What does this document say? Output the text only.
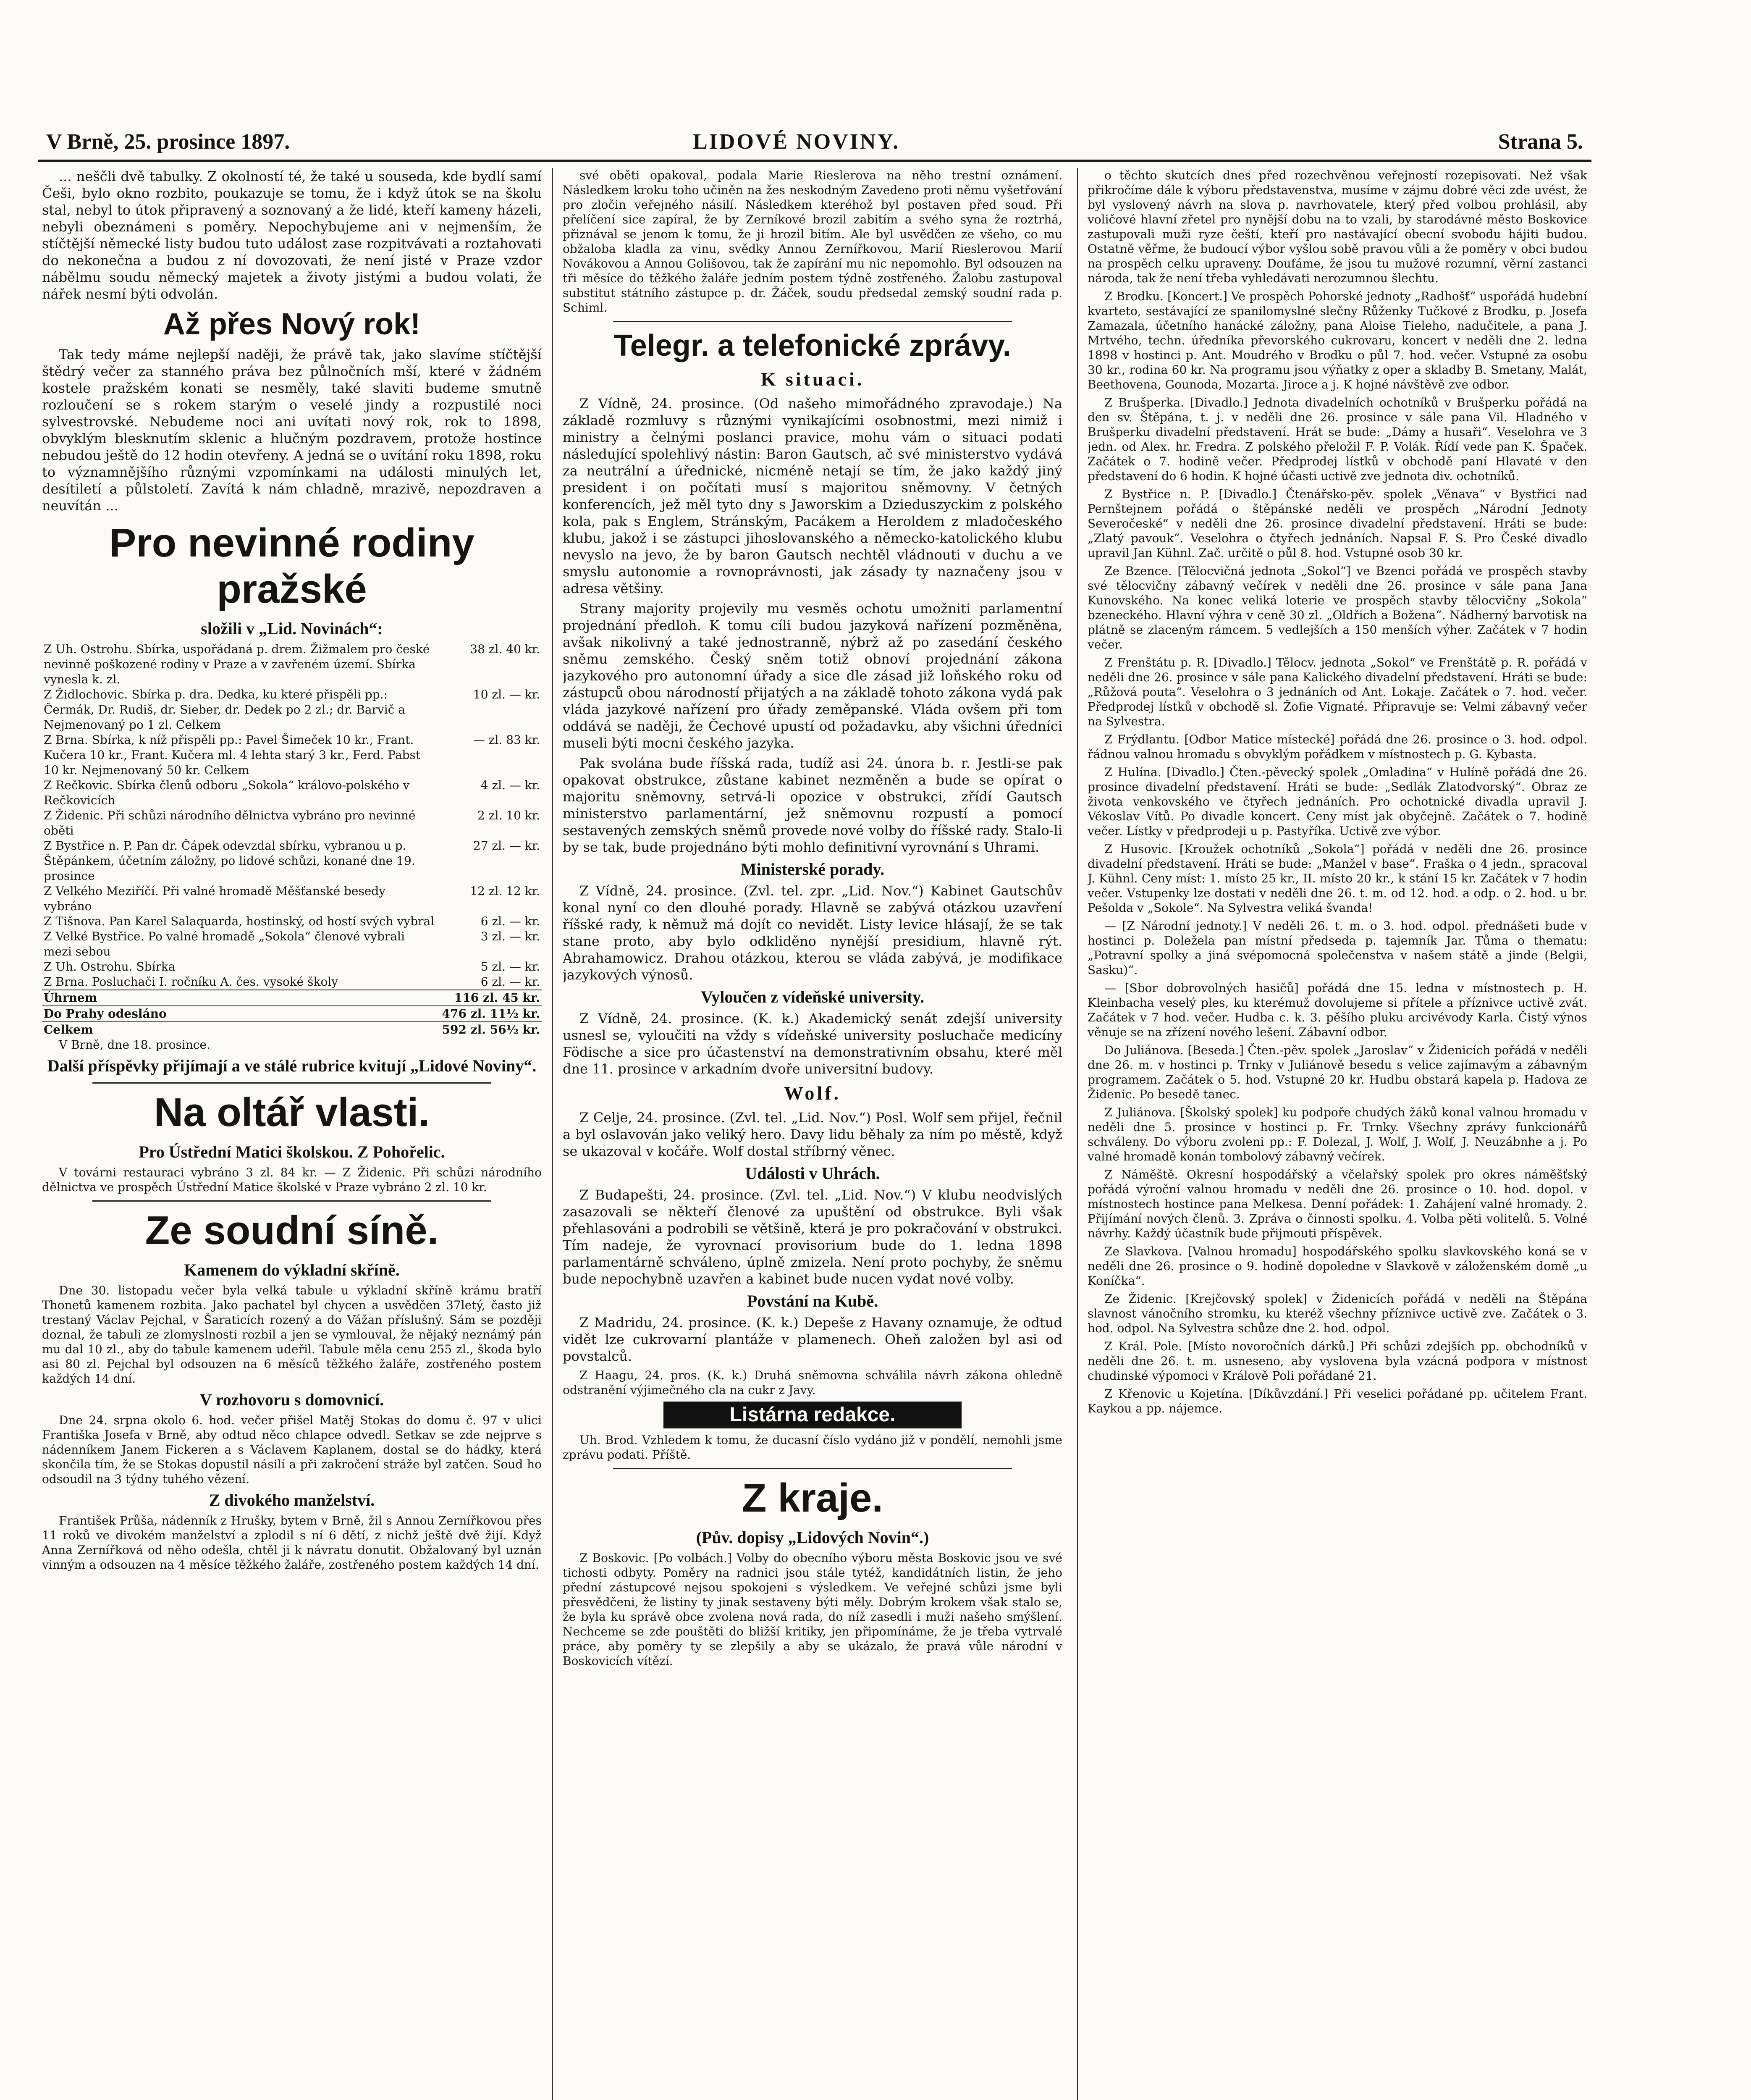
V Brně, 25. prosince 1897.	LIDOVÉ NOVINY.	Strana 5.

... neščli dvě tabulky. Z okolností té, že také u souseda, kde bydlí samí Češi, bylo okno rozbito, poukazuje se tomu, že i když útok se na školu stal, nebyl to útok připravený a soznovaný a že lidé, kteří kameny házeli, nebyli obeznámeni s poměry. Nepochybujeme ani v nejmenším, že stíčtější německé listy budou tuto událost zase rozpitvávati a roztahovati do nekonečna a budou z ní dovozovati, že není jisté v Praze vzdor nábělmu soudu německý majetek a životy jistými a budou volati, že nářek nesmí býti odvolán.

Až přes Nový rok!

Tak tedy máme nejlepší naději, že právě tak, jako slavíme stíčtější štědrý večer za stanného práva bez půlnočních mší, které v žádném kostele pražském konati se nesměly, také slaviti budeme smutně rozloučení se s rokem starým o veselé jindy a rozpustilé noci sylvestrovské. Nebudeme noci ani uvítati nový rok, rok to 1898, obvyklým blesknutím sklenic a hlučným pozdravem, protože hostince nebudou ještě do 12 hodin otevřeny. A jedná se o uvítání roku 1898, roku to významnějšího různými vzpomínkami na události minulých let, desítiletí a půlstoletí. Zavítá k nám chladně, mrazivě, nepozdraven a neuvítán ...

Pro nevinné rodiny pražské
složili v „Lid. Novinách“:
Z Uh. Ostrohu. Sbírka, uspořádaná p. drem. Žižmalem pro české nevinně poškozené rodiny v Praze a v zavřeném území. Sbírka vynesla k. zl.	38 zl. 40 kr.
Z Židlochovic. Sbírka p. dra. Dedka, ku které přispěli pp.: Čermák, Dr. Rudiš, dr. Sieber, dr. Dedek po 2 zl.; dr. Barvič a Nejmenovaný po 1 zl. Celkem	10 zl. — kr.
Z Brna. Sbírka, k níž přispěli pp.: Pavel Šimeček 10 kr., Frant. Kučera 10 kr., Frant. Kučera ml. 4 lehta starý 3 kr., Ferd. Pabst 10 kr. Nejmenovaný 50 kr. Celkem	— zl. 83 kr.
Z Rečkovic. Sbírka členů odboru „Sokola“ královo-polského v Rečkovicích	4 zl. — kr.
Z Židenic. Při schůzi národního dělnictva vybráno pro nevinné oběti	2 zl. 10 kr.
Z Bystřice n. P. Pan dr. Čápek odevzdal sbírku, vybranou u p. Štěpánkem, účetním záložny, po lidové schůzi, konané dne 19. prosince	27 zl. — kr.
Z Velkého Meziříčí. Při valné hromadě Měšťanské besedy vybráno	12 zl. 12 kr.
Z Tišnova. Pan Karel Salaquarda, hostinský, od hostí svých vybral	6 zl. — kr.
Z Velké Bystřice. Po valné hromadě „Sokola“ členové vybrali mezi sebou	3 zl. — kr.
Z Uh. Ostrohu. Sbírka	5 zl. — kr.
Z Brna. Posluchači I. ročníku A. čes. vysoké školy	6 zl. — kr.
Úhrnem	116 zl. 45 kr.
Do Prahy odesláno	476 zl. 11½ kr.
Celkem	592 zl. 56½ kr.

V Brně, dne 18. prosince.

Další příspěvky přijímají a ve stálé rubrice kvitují „Lidové Noviny“.
Na oltář vlasti.
Pro Ústřední Matici školskou. Z Pohořelic.

V továrni restauraci vybráno 3 zl. 84 kr. — Z Židenic. Při schůzi národního dělnictva ve prospěch Ústřední Matice školské v Praze vybráno 2 zl. 10 kr.

Ze soudní síně.
Kamenem do výkladní skříně.

Dne 30. listopadu večer byla velká tabule u výkladní skříně krámu bratří Thonetů kamenem rozbita. Jako pachatel byl chycen a usvědčen 37letý, často již trestaný Václav Pejchal, v Šaraticích rozený a do Vážan příslušný. Sám se později doznal, že tabuli ze zlomyslnosti rozbil a jen se vymlouval, že nějaký neznámý pán mu dal 10 zl., aby do tabule kamenem udeřil. Tabule měla cenu 255 zl., škoda bylo asi 80 zl. Pejchal byl odsouzen na 6 měsíců těžkého žaláře, zostřeného postem každých 14 dní.

V rozhovoru s domovnicí.

Dne 24. srpna okolo 6. hod. večer přišel Matěj Stokas do domu č. 97 v ulici Františka Josefa v Brně, aby odtud něco chlapce odvedl. Setkav se zde nejprve s nádenníkem Janem Fickeren a s Václavem Kaplanem, dostal se do hádky, která skončila tím, že se Stokas dopustil násilí a při zakročení stráže byl zatčen. Soud ho odsoudil na 3 týdny tuhého vězení.

Z divokého manželství.

František Průša, nádenník z Hrušky, bytem v Brně, žil s Annou Zernířkovou přes 11 roků ve divokém manželství a zplodil s ní 6 dětí, z nichž ještě dvě žijí. Když Anna Zernířková od něho odešla, chtěl ji k návratu donutit. Obžalovaný byl uznán vinným a odsouzen na 4 měsíce těžkého žaláře, zostřeného postem každých 14 dní.

své oběti opakoval, podala Marie Rieslerova na něho trestní oznámení. Následkem kroku toho učiněn na žes neskodným Zavedeno proti němu vyšetřování pro zločin veřejného násilí. Následkem kteréhož byl postaven před soud. Při přelíčení sice zapíral, že by Zerníkové brozil zabitím a svého syna že roztrhá, přiznával se jenom k tomu, že ji hrozil bitím. Ale byl usvědčen ze všeho, co mu obžaloba kladla za vinu, svědky Annou Zernířkovou, Marií Rieslerovou Marií Novákovou a Annou Golišovou, tak že zapírání mu nic nepomohlo. Byl odsouzen na tři měsíce do těžkého žaláře jedním postem týdně zostřeného. Žalobu zastupoval substitut státního zástupce p. dr. Žáček, soudu předsedal zemský soudní rada p. Schiml.

Telegr. a telefonické zprávy.
K situaci.

Z Vídně, 24. prosince. (Od našeho mimořádného zpravodaje.) Na základě rozmluvy s různými vynikajícími osobnostmi, mezi nimiž i ministry a čelnými poslanci pravice, mohu vám o situaci podati následující spolehlivý nástin: Baron Gautsch, ač své ministerstvo vydává za neutrální a úřednické, nicméně netají se tím, že jako každý jiný president i on počítati musí s majoritou sněmovny. V četných konferencích, jež měl tyto dny s Jaworskim a Dzieduszyckim z polského kola, pak s Englem, Stránským, Pacákem a Heroldem z mladočeského klubu, jakož i se zástupci jihoslovanského a německo-katolického klubu nevyslo na jevo, že by baron Gautsch nechtěl vládnouti v duchu a ve smyslu autonomie a rovnoprávnosti, jak zásady ty naznačeny jsou v adresa většiny.

Strany majority projevily mu vesměs ochotu umožniti parlamentní projednání předloh. K tomu cíli budou jazyková nařízení pozměněna, avšak nikolivný a také jednostranně, nýbrž až po zasedání českého sněmu zemského. Český sněm totiž obnoví projednání zákona jazykového pro autonomní úřady a sice dle zásad již loňského roku od zástupců obou národností přijatých a na základě tohoto zákona vydá pak vláda jazykové nařízení pro úřady zeměpanské. Vláda ovšem při tom oddává se naději, že Čechové upustí od požadavku, aby všichni úředníci museli býti mocni českého jazyka.

Pak svolána bude říšská rada, tudíž asi 24. února b. r. Jestli-se pak opakovat obstrukce, zůstane kabinet nezměněn a bude se opírat o majoritu sněmovny, setrvá-li opozice v obstrukci, zřídí Gautsch ministerstvo parlamentární, jež sněmovnu rozpustí a pomocí sestavených zemských sněmů provede nové volby do říšské rady. Stalo-li by se tak, bude projednáno býti mohlo definitivní vyrovnání s Uhrami.

Ministerské porady.

Z Vídně, 24. prosince. (Zvl. tel. zpr. „Lid. Nov.“) Kabinet Gautschův konal nyní co den dlouhé porady. Hlavně se zabývá otázkou uzavření říšské rady, k němuž má dojít co nevidět. Listy levice hlásají, že se tak stane proto, aby bylo odkliděno nynější presidium, hlavně rýt. Abrahamowicz. Drahou otázkou, kterou se vláda zabývá, je modifikace jazykových výnosů.

Vyloučen z vídeňské university.

Z Vídně, 24. prosince. (K. k.) Akademický senát zdejší university usnesl se, vyloučiti na vždy s vídeňské university posluchače medicíny Födische a sice pro účastenství na demonstrativním obsahu, které měl dne 11. prosince v arkadním dvoře universitní budovy.

Wolf.

Z Celje, 24. prosince. (Zvl. tel. „Lid. Nov.“) Posl. Wolf sem přijel, řečnil a byl oslavován jako veliký hero. Davy lidu běhaly za ním po městě, když se ukazoval v kočáře. Wolf dostal stříbrný věnec.

Události v Uhrách.

Z Budapešti, 24. prosince. (Zvl. tel. „Lid. Nov.“) V klubu neodvislých zasazovali se někteří členové za upuštění od obstrukce. Byli však přehlasováni a podrobili se většině, která je pro pokračování v obstrukci. Tím nadeje, že vyrovnací provisorium bude do 1. ledna 1898 parlamentárně schváleno, úplně zmizela. Není proto pochyby, že sněmu bude nepochybně uzavřen a kabinet bude nucen vydat nové volby.

Povstání na Kubě.

Z Madridu, 24. prosince. (K. k.) Depeše z Havany oznamuje, že odtud vidět lze cukrovarní plantáže v plamenech. Oheň založen byl asi od povstalců.

Z Haagu, 24. pros. (K. k.) Druhá sněmovna schválila návrh zákona ohledně odstranění výjimečného cla na cukr z Javy.

Listárna redakce.

Uh. Brod. Vzhledem k tomu, že ducasní číslo vydáno již v pondělí, nemohli jsme zprávu podati. Příště.

Z kraje.
(Pův. dopisy „Lidových Novin“.)

Z Boskovic. [Po volbách.] Volby do obecního výboru města Boskovic jsou ve své tichosti odbyty. Poměry na radnici jsou stále tytéž, kandidátních listin, že jeho přední zástupcové nejsou spokojeni s výsledkem. Ve veřejné schůzi jsme byli přesvědčeni, že listiny ty jinak sestaveny býti měly. Dobrým krokem však stalo se, že byla ku správě obce zvolena nová rada, do níž zasedli i muži našeho smýšlení. Nechceme se zde pouštěti do bližší kritiky, jen připomínáme, že je třeba vytrvalé práce, aby poměry ty se zlepšily a aby se ukázalo, že pravá vůle národní v Boskovicích vítězí.

o těchto skutcích dnes před rozechvěnou veřejností rozepisovati. Než však přikročíme dále k výboru představenstva, musíme v zájmu dobré věci zde uvést, že byl vyslovený návrh na slova p. navrhovatele, který před volbou prohlásil, aby voličové hlavní zřetel pro nynější dobu na to vzali, by starodávné město Boskovice zastupovali muži ryze čeští, kteří pro nastávající obecní svobodu hájiti budou. Ostatně věřme, že budoucí výbor vyšlou sobě pravou vůli a že poměry v obci budou na prospěch celku upraveny. Doufáme, že jsou tu mužové rozumní, věrní zastanci národa, tak že není třeba vyhledávati nerozumnou šlechtu.

Z Brodku. [Koncert.] Ve prospěch Pohorské jednoty „Radhošť“ uspořádá hudební kvarteto, sestávající ze spanilomyslné slečny Růženky Tučkové z Brodku, p. Josefa Zamazala, účetního hanácké záložny, pana Aloise Tieleho, nadučitele, a pana J. Mrtvého, techn. úředníka převorského cukrovaru, koncert v neděli dne 2. ledna 1898 v hostinci p. Ant. Moudrého v Brodku o půl 7. hod. večer. Vstupné za osobu 30 kr., rodina 60 kr. Na programu jsou výňatky z oper a skladby B. Smetany, Malát, Beethovena, Gounoda, Mozarta. Jiroce a j. K hojné návštěvě zve odbor.

Z Brušperka. [Divadlo.] Jednota divadelních ochotníků v Brušperku pořádá na den sv. Štěpána, t. j. v neděli dne 26. prosince v sále pana Vil. Hladného v Brušperku divadelní představení. Hrát se bude: „Dámy a husaři“. Veselohra ve 3 jedn. od Alex. hr. Fredra. Z polského přeložil F. P. Volák. Řídí vede pan K. Špaček. Začátek o 7. hodině večer. Předprodej lístků v obchodě paní Hlavaté v den představení do 6 hodin. K hojné účasti uctivě zve jednota div. ochotníků.

Z Bystřice n. P. [Divadlo.] Čtenářsko-pěv. spolek „Věnava“ v Bystřici nad Pernštejnem pořádá o štěpánské neděli ve prospěch „Národní Jednoty Severočeské“ v neděli dne 26. prosince divadelní představení. Hráti se bude: „Zlatý pavouk“. Veselohra o čtyřech jednáních. Napsal F. S. Pro České divadlo upravil Jan Kühnl. Zač. určitě o půl 8. hod. Vstupné osob 30 kr.

Ze Bzence. [Tělocvičná jednota „Sokol“] ve Bzenci pořádá ve prospěch stavby své tělocvičny zábavný večírek v neděli dne 26. prosince v sále pana Jana Kunovského. Na konec veliká loterie ve prospěch stavby tělocvičny „Sokola“ bzeneckého. Hlavní výhra v ceně 30 zl. „Oldřich a Božena“. Nádherný barvotisk na plátně se zlaceným rámcem. 5 vedlejších a 150 menších výher. Začátek v 7 hodin večer.

Z Frenštátu p. R. [Divadlo.] Tělocv. jednota „Sokol“ ve Frenštátě p. R. pořádá v neděli dne 26. prosince v sále pana Kalického divadelní představení. Hráti se bude: „Růžová pouta“. Veselohra o 3 jednáních od Ant. Lokaje. Začátek o 7. hod. večer. Předprodej lístků v obchodě sl. Žofie Vignaté. Připravuje se: Velmi zábavný večer na Sylvestra.

Z Frýdlantu. [Odbor Matice místecké] pořádá dne 26. prosince o 3. hod. odpol. řádnou valnou hromadu s obvyklým pořádkem v místnostech p. G. Kybasta.

Z Hulína. [Divadlo.] Čten.-pěvecký spolek „Omladina“ v Hulíně pořádá dne 26. prosince divadelní představení. Hráti se bude: „Sedlák Zlatodvorský“. Obraz ze života venkovského ve čtyřech jednáních. Pro ochotnické divadla upravil J. Vékoslav Vítů. Po divadle koncert. Ceny míst jak obyčejně. Začátek o 7. hodině večer. Lístky v předprodeji u p. Pastyříka. Uctivě zve výbor.

Z Husovic. [Kroužek ochotníků „Sokola“] pořádá v neděli dne 26. prosince divadelní představení. Hráti se bude: „Manžel v base“. Fraška o 4 jedn., spracoval J. Kühnl. Ceny míst: 1. místo 25 kr., II. místo 20 kr., k stání 15 kr. Začátek v 7 hodin večer. Vstupenky lze dostati v neděli dne 26. t. m. od 12. hod. a odp. o 2. hod. u br. Pešolda v „Sokole“. Na Sylvestra veliká švanda!

— [Z Národní jednoty.] V neděli 26. t. m. o 3. hod. odpol. přednášeti bude v hostinci p. Doležela pan místní předseda p. tajemník Jar. Tůma o thematu: „Potravní spolky a jiná svépomocná společenstva v našem státě a jinde (Belgii, Sasku)“.

— [Sbor dobrovolných hasičů] pořádá dne 15. ledna v místnostech p. H. Kleinbacha veselý ples, ku kterémuž dovolujeme si přítele a příznivce uctivě zvát. Začátek v 7 hod. večer. Hudba c. k. 3. pěšího pluku arcivévody Karla. Čistý výnos věnuje se na zřízení nového lešení. Zábavní odbor.

Do Juliánova. [Beseda.] Čten.-pěv. spolek „Jaroslav“ v Židenicích pořádá v neděli dne 26. m. v hostinci p. Trnky v Juliánově besedu s velice zajímavým a zábavným programem. Začátek o 5. hod. Vstupné 20 kr. Hudbu obstará kapela p. Hadova ze Židenic. Po besedě tanec.

Z Juliánova. [Školský spolek] ku podpoře chudých žáků konal valnou hromadu v neděli dne 5. prosince v hostinci p. Fr. Trnky. Všechny zprávy funkcionářů schváleny. Do výboru zvoleni pp.: F. Dolezal, J. Wolf, J. Wolf, J. Neuzábnhe a j. Po valné hromadě konán tombolový zábavný večírek.

Z Náměště. Okresní hospodářský a včelařský spolek pro okres náměšťský pořádá výroční valnou hromadu v neděli dne 26. prosince o 10. hod. dopol. v místnostech hostince pana Melkesa. Denní pořádek: 1. Zahájení valné hromady. 2. Přijímání nových členů. 3. Zpráva o činnosti spolku. 4. Volba pěti volitelů. 5. Volné návrhy. Každý účastník bude přijmouti příspěvek.

Ze Slavkova. [Valnou hromadu] hospodářského spolku slavkovského koná se v neděli dne 26. prosince o 9. hodině dopoledne v Slavkově v záloženském domě „u Koníčka“.

Ze Židenic. [Krejčovský spolek] v Židenicích pořádá v neděli na Štěpána slavnost vánočního stromku, ku kteréž všechny příznivce uctivě zve. Začátek o 3. hod. odpol. Na Sylvestra schůze dne 2. hod. odpol.

Z Král. Pole. [Místo novoročních dárků.] Při schůzi zdejších pp. obchodníků v neděli dne 26. t. m. usneseno, aby vyslovena byla vzácná podpora v místnost chudinské výpomoci v Králově Poli pořádané 21.

Z Křenovic u Kojetína. [Díkůvzdání.] Při veselici pořádané pp. učitelem Frant. Kaykou a pp. nájemce.
